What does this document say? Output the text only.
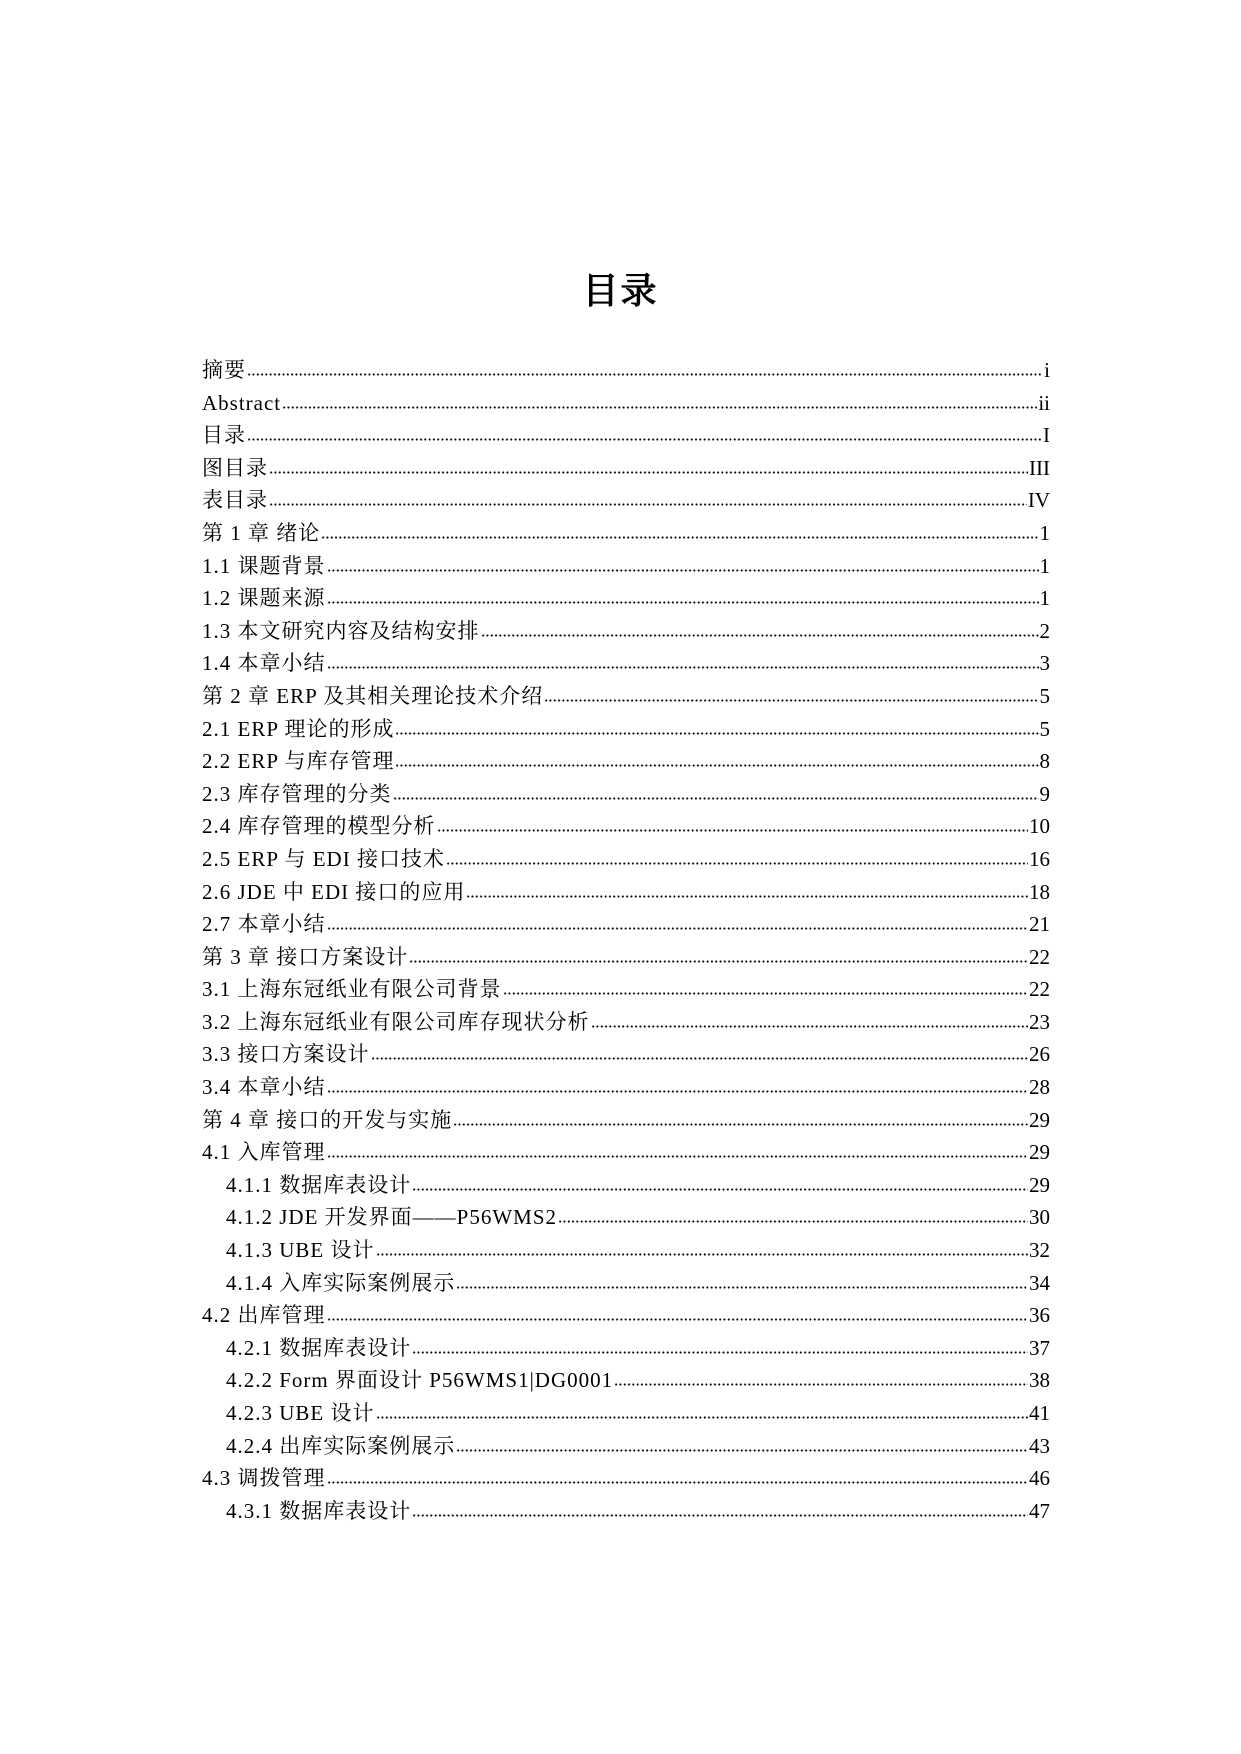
目录
摘要	i
Abstract	ii
目录	I
图目录	III
表目录	IV
第 1 章 绪论	1
1.1 课题背景	1
1.2 课题来源	1
1.3 本文研究内容及结构安排	2
1.4 本章小结	3
第 2 章 ERP 及其相关理论技术介绍	5
2.1 ERP 理论的形成	5
2.2 ERP 与库存管理	8
2.3 库存管理的分类	9
2.4 库存管理的模型分析	10
2.5 ERP 与 EDI 接口技术	16
2.6 JDE 中 EDI 接口的应用	18
2.7 本章小结	21
第 3 章 接口方案设计	22
3.1 上海东冠纸业有限公司背景	22
3.2 上海东冠纸业有限公司库存现状分析	23
3.3 接口方案设计	26
3.4 本章小结	28
第 4 章 接口的开发与实施	29
4.1 入库管理	29
4.1.1 数据库表设计	29
4.1.2 JDE 开发界面——P56WMS2	30
4.1.3 UBE 设计	32
4.1.4 入库实际案例展示	34
4.2 出库管理	36
4.2.1 数据库表设计	37
4.2.2 Form 界面设计 P56WMS1|DG0001	38
4.2.3 UBE 设计	41
4.2.4 出库实际案例展示	43
4.3 调拨管理	46
4.3.1 数据库表设计	47
